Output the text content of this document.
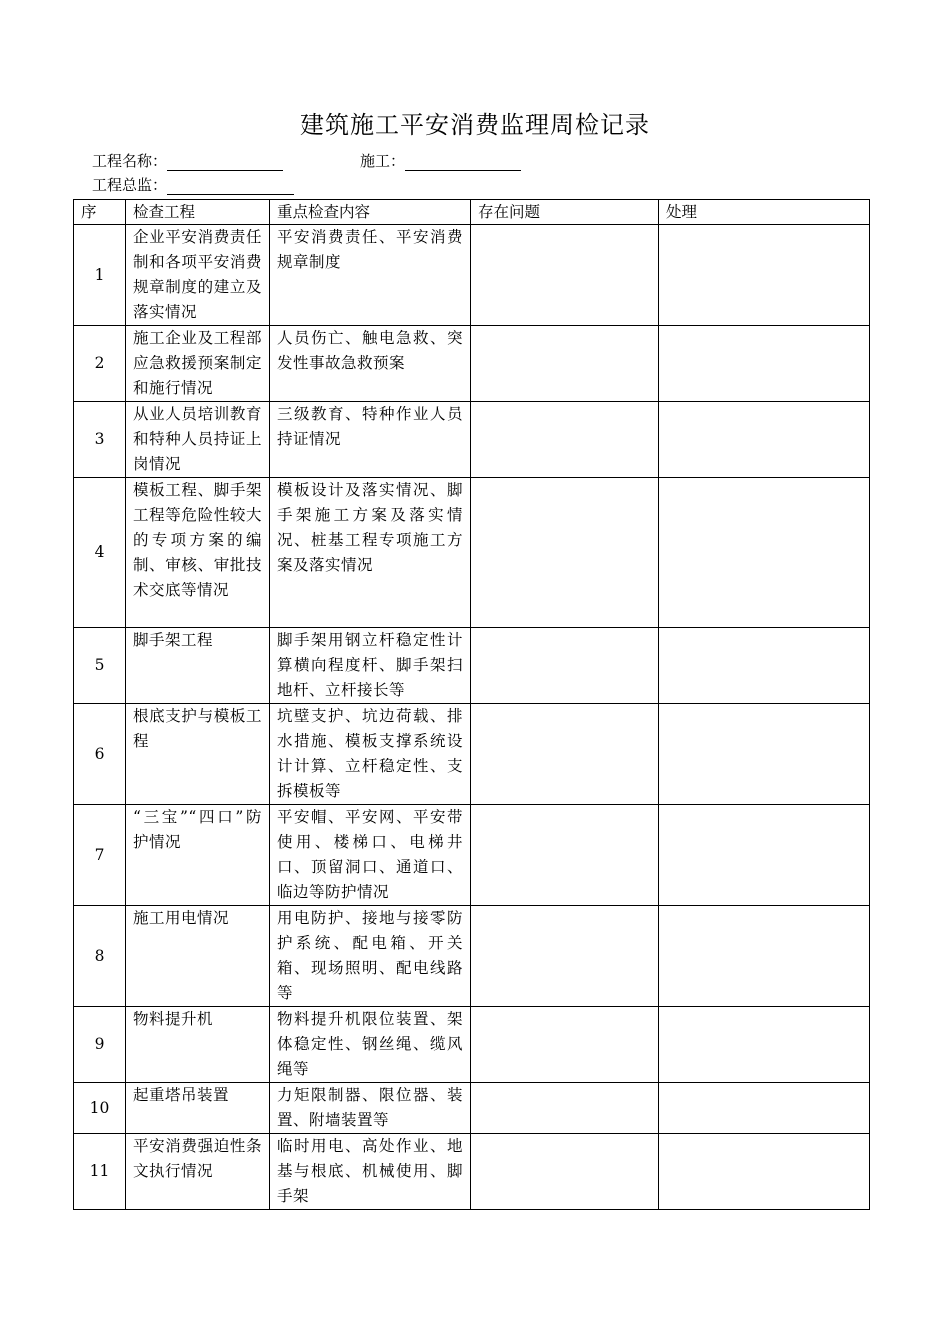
建筑施工平安消费监理周检记录
工程名称：	施工：
工程总监：
序	检查工程	重点检查内容	存在问题	处理
1	企业平安消费责任制和各项平安消费规章制度的建立及落实情况	平安消费责任、平安消费规章制度		
2	施工企业及工程部应急救援预案制定和施行情况	人员伤亡、触电急救、突发性事故急救预案		
3	从业人员培训教育和特种人员持证上岗情况	三级教育、特种作业人员持证情况		
4	模板工程、脚手架工程等危险性较大的专项方案的编制、审核、审批技术交底等情况	模板设计及落实情况、脚手架施工方案及落实情况、桩基工程专项施工方案及落实情况		
5	脚手架工程	脚手架用钢立杆稳定性计算横向程度杆、脚手架扫地杆、立杆接长等		
6	根底支护与模板工程	坑壁支护、坑边荷载、排水措施、模板支撑系统设计计算、立杆稳定性、支拆模板等		
7	“三宝”“四口”防护情况	平安帽、平安网、平安带使用、楼梯口、电梯井口、顶留洞口、通道口、临边等防护情况		
8	施工用电情况	用电防护、接地与接零防护系统、配电箱、开关箱、现场照明、配电线路等		
9	物料提升机	物料提升机限位装置、架体稳定性、钢丝绳、缆风绳等		
10	起重塔吊装置	力矩限制器、限位器、装置、附墙装置等		
11	平安消费强迫性条文执行情况	临时用电、高处作业、地基与根底、机械使用、脚手架		
